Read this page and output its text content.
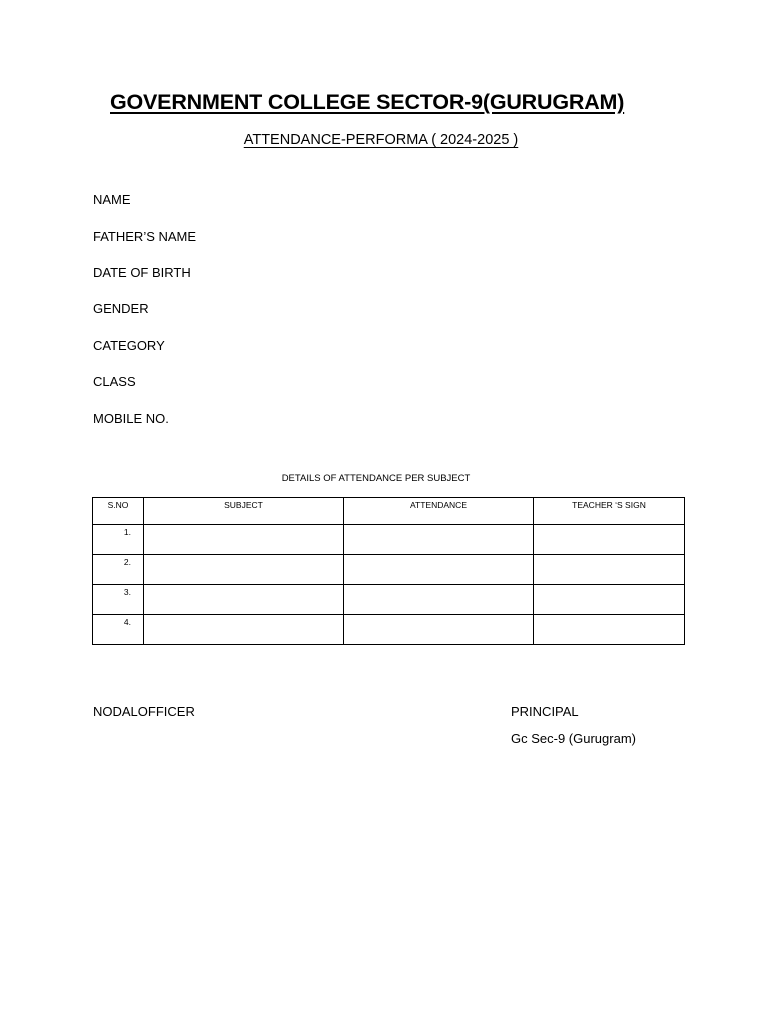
GOVERNMENT COLLEGE SECTOR-9(GURUGRAM)
ATTENDANCE-PERFORMA ( 2024-2025 )
NAME
FATHER’S NAME
DATE OF BIRTH
GENDER
CATEGORY
CLASS
MOBILE NO.
DETAILS OF ATTENDANCE PER SUBJECT
S.NO	SUBJECT	ATTENDANCE	TEACHER ‘S SIGN
1.			
2.			
3.			
4.			
NODALOFFICER	PRINCIPAL
Gc Sec-9 (Gurugram)
